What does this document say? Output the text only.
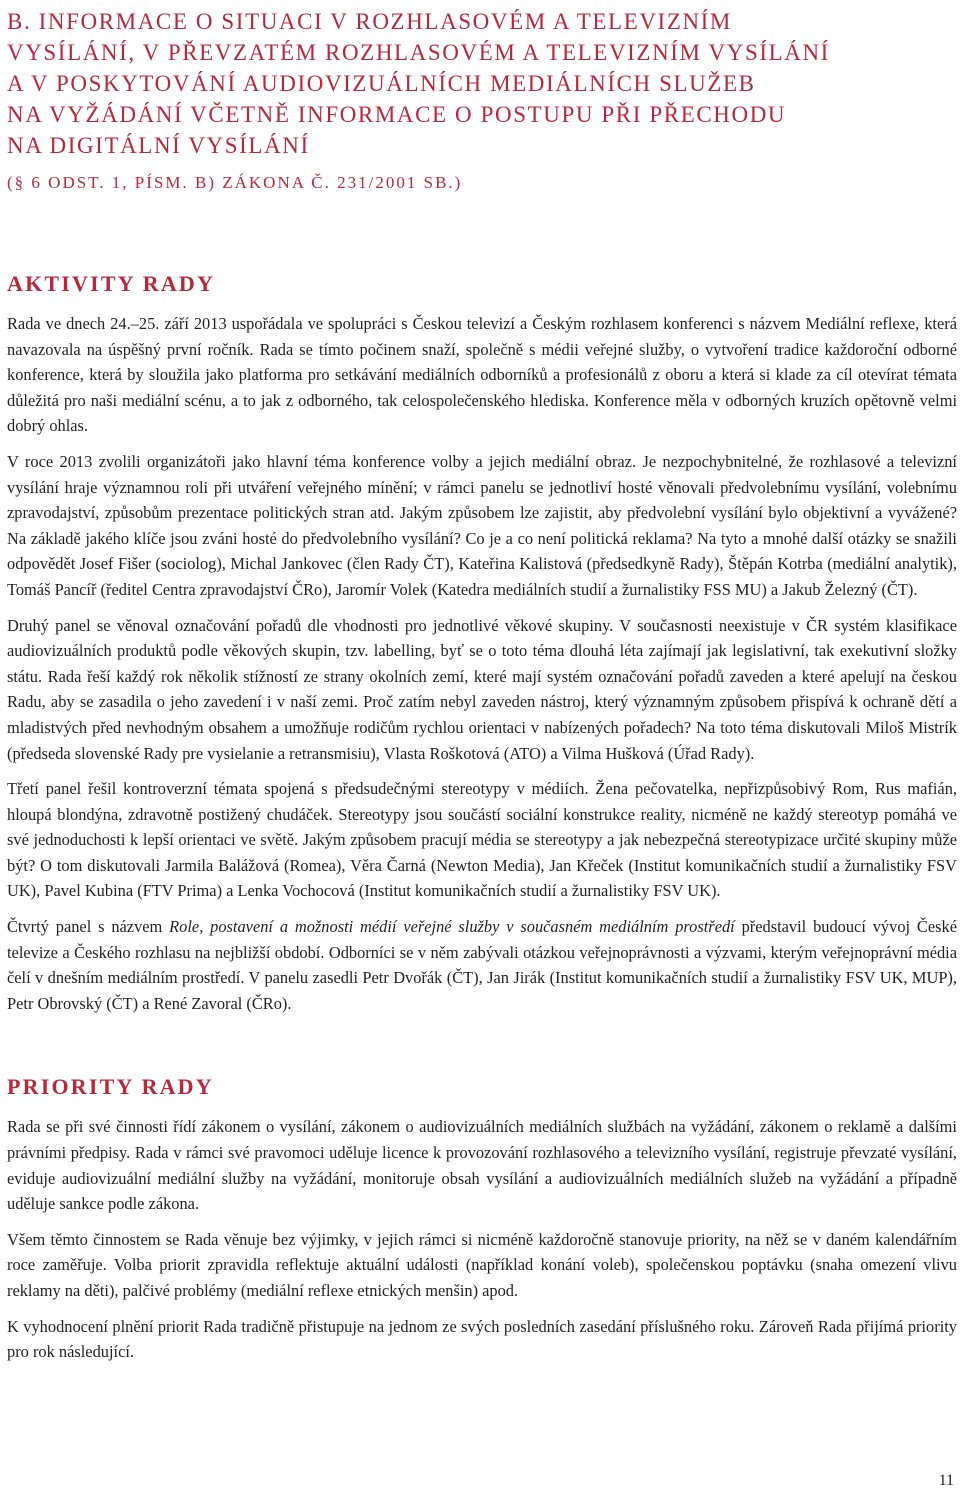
B. INFORMACE O SITUACI V ROZHLASOVÉM A TELEVIZNÍM
VYSÍLÁNÍ, V PŘEVZATÉM ROZHLASOVÉM A TELEVIZNÍM VYSÍLÁNÍ
A V POSKYTOVÁNÍ AUDIOVIZUÁLNÍCH MEDIÁLNÍCH SLUŽEB
NA VYŽÁDÁNÍ VČETNĚ INFORMACE O POSTUPU PŘI PŘECHODU
NA DIGITÁLNÍ VYSÍLÁNÍ
(§ 6 ODST. 1, PÍSM. B) ZÁKONA Č. 231/2001 SB.)
AKTIVITY RADY

Rada ve dnech 24.–25. září 2013 uspořádala ve spolupráci s Českou televizí a Českým rozhlasem konferenci s názvem Mediální reflexe, která navazovala na úspěšný první ročník. Rada se tímto počinem snaží, společně s médii veřejné služby, o vytvoření tradice každoroční odborné konference, která by sloužila jako platforma pro setkávání mediálních odborníků a profesionálů z oboru a která si klade za cíl otevírat témata důležitá pro naši mediální scénu, a to jak z odborného, tak celospolečenského hlediska. Konference měla v odborných kruzích opětovně velmi dobrý ohlas.

V roce 2013 zvolili organizátoři jako hlavní téma konference volby a jejich mediální obraz. Je nezpochybnitelné, že rozhlasové a televizní vysílání hraje významnou roli při utváření veřejného mínění; v rámci panelu se jednotliví hosté věnovali předvolebnímu vysílání, volebnímu zpravodajství, způsobům prezentace politických stran atd. Jakým způsobem lze zajistit, aby předvolební vysílání bylo objektivní a vyvážené? Na základě jakého klíče jsou zváni hosté do předvolebního vysílání? Co je a co není politická reklama? Na tyto a mnohé další otázky se snažili odpovědět Josef Fišer (sociolog), Michal Jankovec (člen Rady ČT), Kateřina Kalistová (předsedkyně Rady), Štěpán Kotrba (mediální analytik), Tomáš Pancíř (ředitel Centra zpravodajství ČRo), Jaromír Volek (Katedra mediálních studií a žurnalistiky FSS MU) a Jakub Železný (ČT).

Druhý panel se věnoval označování pořadů dle vhodnosti pro jednotlivé věkové skupiny. V současnosti neexistuje v ČR systém klasifikace audiovizuálních produktů podle věkových skupin, tzv. labelling, byť se o toto téma dlouhá léta zajímají jak legislativní, tak exekutivní složky státu. Rada řeší každý rok několik stížností ze strany okolních zemí, které mají systém označování pořadů zaveden a které apelují na českou Radu, aby se zasadila o jeho zavedení i v naší zemi. Proč zatím nebyl zaveden nástroj, který významným způsobem přispívá k ochraně dětí a mladistvých před nevhodným obsahem a umožňuje rodičům rychlou orientaci v nabízených pořadech? Na toto téma diskutovali Miloš Mistrík (předseda slovenské Rady pre vysielanie a retransmisiu), Vlasta Roškotová (ATO) a Vilma Hušková (Úřad Rady).

Třetí panel řešil kontroverzní témata spojená s předsudečnými stereotypy v médiích. Žena pečovatelka, nepřizpůsobivý Rom, Rus mafián, hloupá blondýna, zdravotně postižený chudáček. Stereotypy jsou součástí sociální konstrukce reality, nicméně ne každý stereotyp pomáhá ve své jednoduchosti k lepší orientaci ve světě. Jakým způsobem pracují média se stereotypy a jak nebezpečná stereotypizace určité skupiny může být? O tom diskutovali Jarmila Balážová (Romea), Věra Čarná (Newton Media), Jan Křeček (Institut komunikačních studií a žurnalistiky FSV UK), Pavel Kubina (FTV Prima) a Lenka Vochocová (Institut komunikačních studií a žurnalistiky FSV UK).

Čtvrtý panel s názvem Role, postavení a možnosti médií veřejné služby v současném mediálním prostředí představil budoucí vývoj České televize a Českého rozhlasu na nejbližší období. Odborníci se v něm zabývali otázkou veřejnoprávnosti a výzvami, kterým veřejnoprávní média čelí v dnešním mediálním prostředí. V panelu zasedli Petr Dvořák (ČT), Jan Jirák (Institut komunikačních studií a žurnalistiky FSV UK, MUP), Petr Obrovský (ČT) a René Zavoral (ČRo).

PRIORITY RADY

Rada se při své činnosti řídí zákonem o vysílání, zákonem o audiovizuálních mediálních službách na vyžádání, zákonem o reklamě a dalšími právními předpisy. Rada v rámci své pravomoci uděluje licence k provozování rozhlasového a televizního vysílání, registruje převzaté vysílání, eviduje audiovizuální mediální služby na vyžádání, monitoruje obsah vysílání a audiovizuálních mediálních služeb na vyžádání a případně uděluje sankce podle zákona.

Všem těmto činnostem se Rada věnuje bez výjimky, v jejich rámci si nicméně každoročně stanovuje priority, na něž se v daném kalendářním roce zaměřuje. Volba priorit zpravidla reflektuje aktuální události (například konání voleb), společenskou poptávku (snaha omezení vlivu reklamy na děti), palčivé problémy (mediální reflexe etnických menšin) apod.

K vyhodnocení plnění priorit Rada tradičně přistupuje na jednom ze svých posledních zasedání příslušného roku. Zároveň Rada přijímá priority pro rok následující.

11
